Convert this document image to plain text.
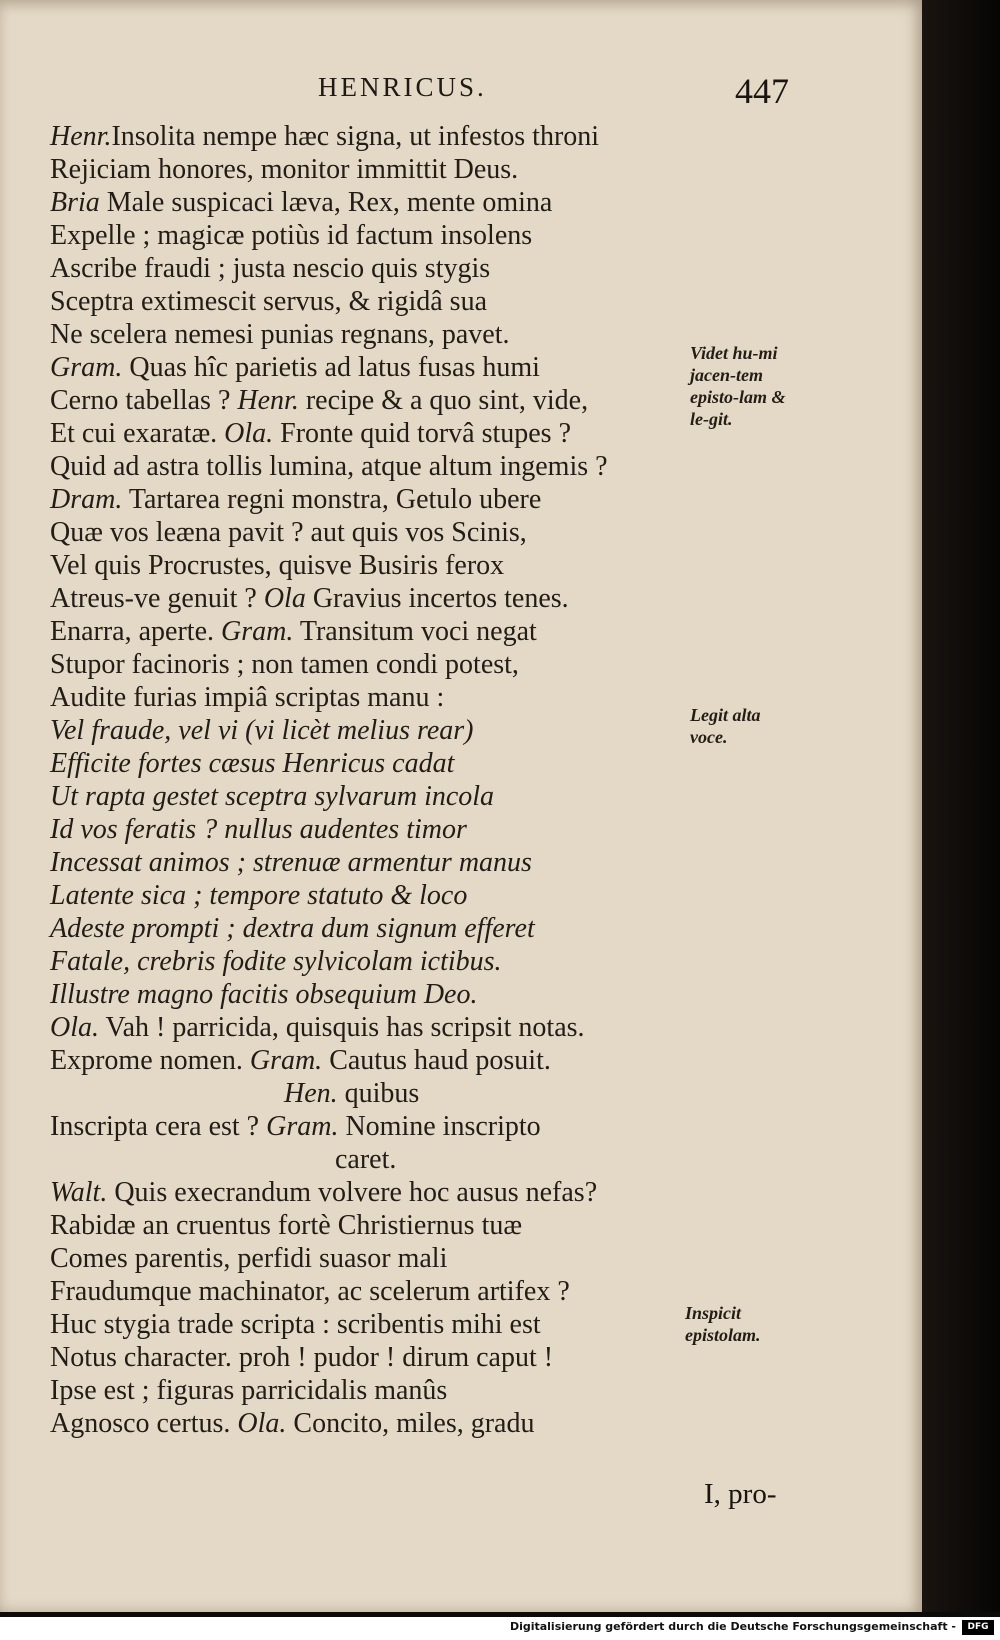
HENRICUS.	447
Henr.Insolita nempe hæc signa, ut infestos throni
Rejiciam honores, monitor immittit Deus.
Bria Male suspicaci læva, Rex, mente omina
Expelle ; magicæ potiùs id factum insolens
Ascribe fraudi ; justa nescio quis stygis
Sceptra extimescit servus, & rigidâ sua
Ne scelera nemesi punias regnans, pavet.
Gram. Quas hîc parietis ad latus fusas humi
Cerno tabellas ? Henr. recipe & a quo sint, vide,
Et cui exaratæ. Ola. Fronte quid torvâ stupes ?
Quid ad astra tollis lumina, atque altum ingemis ?
Dram. Tartarea regni monstra, Getulo ubere
Quæ vos leæna pavit ? aut quis vos Scinis,
Vel quis Procrustes, quisve Busiris ferox
Atreus-ve genuit ? Ola Gravius incertos tenes.
Enarra, aperte. Gram. Transitum voci negat
Stupor facinoris ; non tamen condi potest,
Audite furias impiâ scriptas manu :
Vel fraude, vel vi (vi licèt melius rear)
Efficite fortes cæsus Henricus cadat
Ut rapta gestet sceptra sylvarum incola
Id vos feratis ? nullus audentes timor
Incessat animos ; strenuæ armentur manus
Latente sica ; tempore statuto & loco
Adeste prompti ; dextra dum signum efferet
Fatale, crebris fodite sylvicolam ictibus.
Illustre magno facitis obsequium Deo.
Ola. Vah ! parricida, quisquis has scripsit notas.
Exprome nomen. Gram. Cautus haud posuit.
Hen. quibus
Inscripta cera est ? Gram. Nomine inscripto
caret.
Walt. Quis execrandum volvere hoc ausus nefas?
Rabidæ an cruentus fortè Christiernus tuæ
Comes parentis, perfidi suasor mali
Fraudumque machinator, ac scelerum artifex ?
Huc stygia trade scripta : scribentis mihi est
Notus character. proh ! pudor ! dirum caput !
Ipse est ; figuras parricidalis manûs
Agnosco certus. Ola. Concito, miles, gradu
Videt hu-mi jacen-tem episto-lam & le-git.
Legit alta voce.
Inspicit epistolam.
I, pro-
Digitalisierung gefördert durch die Deutsche Forschungsgemeinschaft -	DFG
